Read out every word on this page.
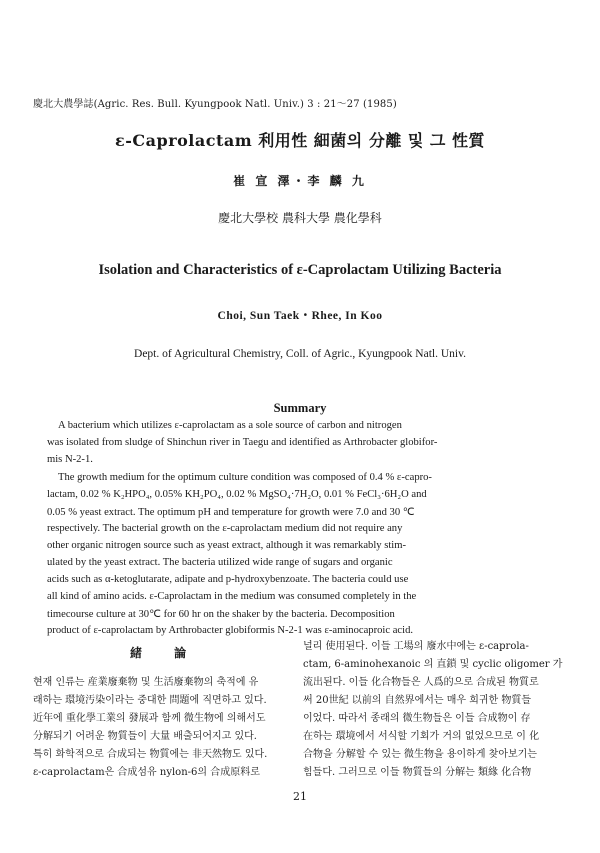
慶北大農學誌(Agric. Res. Bull. Kyungpook Natl. Univ.) 3 : 21～27 (1985)
ε-Caprolactam 利用性 細菌의 分離 및 그 性質
崔 宣 澤・李 麟 九
慶北大學校 農科大學 農化學科
Isolation and Characteristics of ε-Caprolactam Utilizing Bacteria
Choi, Sun Taek・Rhee, In Koo
Dept. of Agricultural Chemistry, Coll. of Agric., Kyungpook Natl. Univ.
Summary
A bacterium which utilizes ε-caprolactam as a sole source of carbon and nitrogen
was isolated from sludge of Shinchun river in Taegu and identified as Arthrobacter globifor-
mis N-2-1.
The growth medium for the optimum culture condition was composed of 0.4 % ε-capro-
lactam, 0.02 % K₂HPO₄, 0.05% KH₂PO₄, 0.02 % MgSO₄·7H₂O, 0.01 % FeCl₃·6H₂O and
0.05 % yeast extract. The optimum pH and temperature for growth were 7.0 and 30 ℃
respectively. The bacterial growth on the ε-caprolactam medium did not require any
other organic nitrogen source such as yeast extract, although it was remarkably stim-
ulated by the yeast extract. The bacteria utilized wide range of sugars and organic
acids such as α-ketoglutarate, adipate and p-hydroxybenzoate. The bacteria could use
all kind of amino acids. ε-Caprolactam in the medium was consumed completely in the
timecourse culture at 30℃ for 60 hr on the shaker by the bacteria. Decomposition
product of ε-caprolactam by Arthrobacter globiformis N-2-1 was ε-aminocaproic acid.
緒 論
현재 인류는 産業廢棄物 및 生活廢棄物의 축적에 유
래하는 環境汚染이라는 중대한 問題에 직면하고 있다.
近年에 重化學工業의 發展과 함께 微生物에 의해서도
分解되기 어려운 物質들이 大量 배출되어지고 있다.
특히 화학적으로 合成되는 物質에는 非天然物도 있다.
ε-caprolactam은 合成섬유 nylon-6의 合成原料로
널리 使用된다. 이들 工場의 廢水中에는 ε-caprola-
ctam, 6-aminohexanoic 의 直鎖 및 cyclic oligomer 가
流出된다. 이들 化合物들은 人爲的으로 合成된 物質로
써 20世紀 以前의 自然界에서는 매우 희귀한 物質들
이었다. 따라서 종래의 微生物들은 이들 合成物이 存
在하는 環境에서 서식할 기회가 거의 없었으므로 이 化
合物을 分解할 수 있는 微生物을 용이하게 찾아보기는
힘들다. 그러므로 이들 物質들의 分解는 類緣 化合物
21
